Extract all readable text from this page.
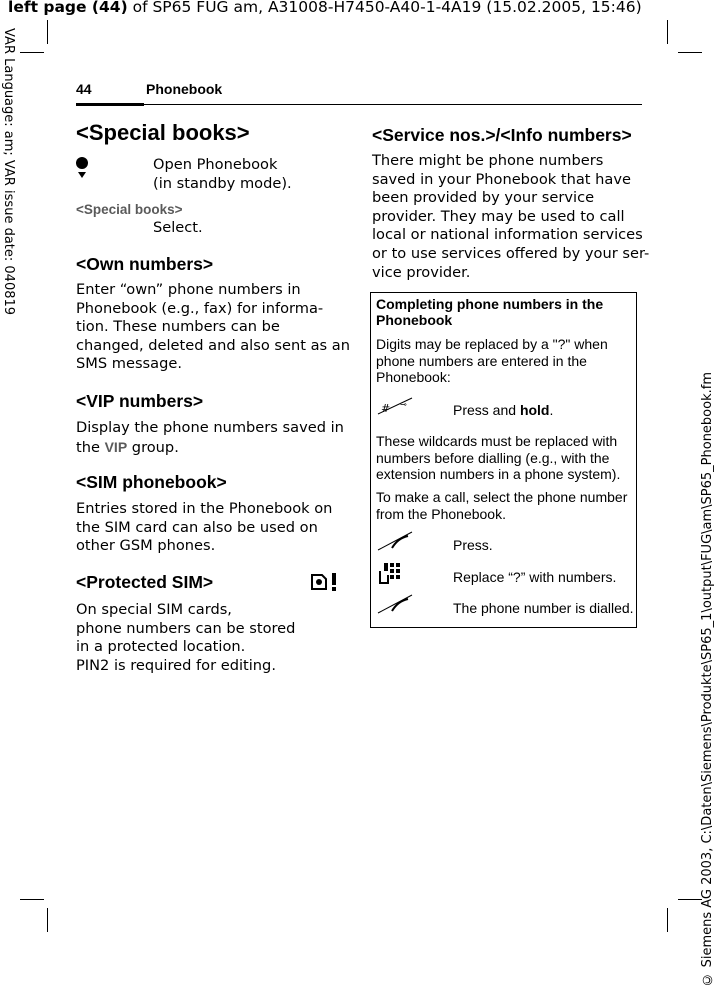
left page (44) of SP65 FUG am, A31008-H7450-A40-1-4A19 (15.02.2005, 15:46)
VAR Language: am; VAR issue date: 040819
© Siemens AG 2003, C:\Daten\Siemens\Produkte\SP65_1\output\FUG\am\SP65_Phonebook.fm
44	Phonebook
<Special books>
Open Phonebook
(in standby mode).
<Special books>
Select.
<Own numbers>
Enter “own” phone numbers in
Phonebook (e.g., fax) for informa-
tion. These numbers can be
changed, deleted and also sent as an
SMS message.
<VIP numbers>
Display the phone numbers saved in
the VIP group.
<SIM phonebook>
Entries stored in the Phonebook on
the SIM card can also be used on
other GSM phones.
<Protected SIM>
On special SIM cards,
phone numbers can be stored
in a protected location.
PIN2 is required for editing.
<Service nos.>/<Info numbers>
There might be phone numbers
saved in your Phonebook that have
been provided by your service
provider. They may be used to call
local or national information services
or to use services offered by your ser-
vice provider.
Completing phone numbers in the
Phonebook
Digits may be replaced by a "?" when
phone numbers are entered in the
Phonebook:
# ⊸	Press and hold.
These wildcards must be replaced with
numbers before dialling (e.g., with the
extension numbers in a phone system).
To make a call, select the phone number
from the Phonebook.
Press.
Replace “?” with numbers.
The phone number is dialled.
